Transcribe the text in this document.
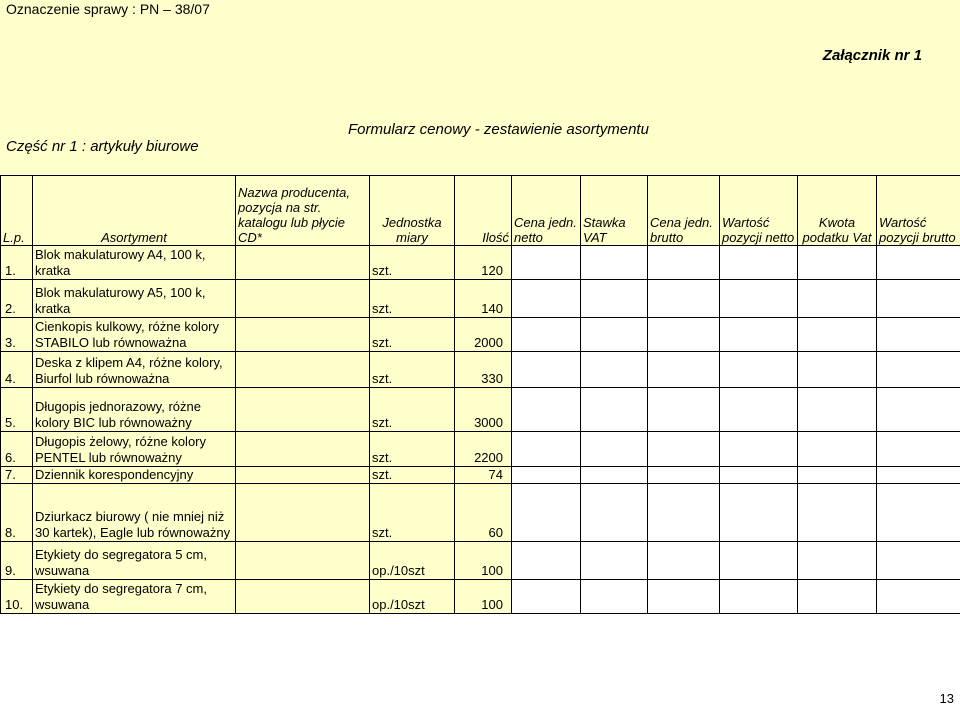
Oznaczenie sprawy : PN – 38/07
Załącznik nr 1
Formularz cenowy - zestawienie asortymentu
Część nr 1 : artykuły biurowe
L.p.	Asortyment	Nazwa producenta, pozycja na str. katalogu lub płycie CD*	Jednostka miary	Ilość	Cena jedn. netto	Stawka VAT	Cena jedn. brutto	Wartość pozycji netto	Kwota podatku Vat	Wartość pozycji brutto
1.	Blok makulaturowy A4, 100 k, kratka		szt.	120						
2.	Blok makulaturowy A5, 100 k, kratka		szt.	140						
3.	Cienkopis kulkowy, różne kolory STABILO lub równoważna		szt.	2000						
4.	Deska z klipem A4, różne kolory, Biurfol lub równoważna		szt.	330						
5.	Długopis jednorazowy, różne kolory BIC lub równoważny		szt.	3000						
6.	Długopis żelowy, różne kolory PENTEL lub równoważny		szt.	2200						
7.	Dziennik korespondencyjny		szt.	74						
8.	Dziurkacz biurowy ( nie mniej niż 30 kartek), Eagle lub równoważny		szt.	60						
9.	Etykiety do segregatora 5 cm, wsuwana		op./10szt	100						
10.	Etykiety do segregatora 7 cm, wsuwana		op./10szt	100						
13
